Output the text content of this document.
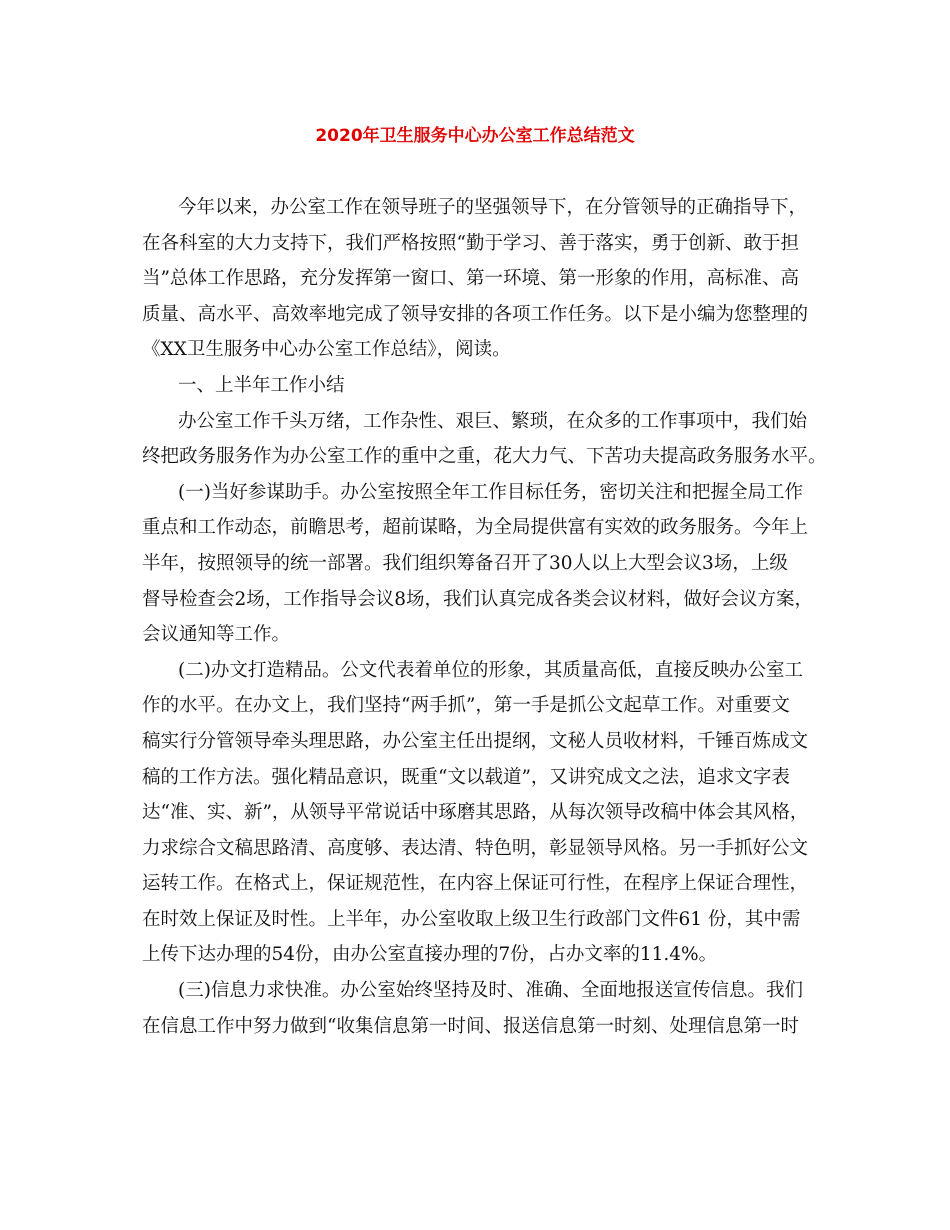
2020年卫生服务中心办公室工作总结范文
今年以来，办公室工作在领导班子的坚强领导下，在分管领导的正确指导下，
在各科室的大力支持下，我们严格按照“勤于学习、善于落实，勇于创新、敢于担
当”总体工作思路，充分发挥第一窗口、第一环境、第一形象的作用，高标准、高
质量、高水平、高效率地完成了领导安排的各项工作任务。以下是小编为您整理的
《XX卫生服务中心办公室工作总结》，阅读。
一、上半年工作小结
办公室工作千头万绪，工作杂性、艰巨、繁琐，在众多的工作事项中，我们始
终把政务服务作为办公室工作的重中之重，花大力气、下苦功夫提高政务服务水平。
(一)当好参谋助手。办公室按照全年工作目标任务，密切关注和把握全局工作
重点和工作动态，前瞻思考，超前谋略，为全局提供富有实效的政务服务。今年上
半年，按照领导的统一部署。我们组织筹备召开了30人以上大型会议3场，上级
督导检查会2场，工作指导会议8场，我们认真完成各类会议材料，做好会议方案，
会议通知等工作。
(二)办文打造精品。公文代表着单位的形象，其质量高低，直接反映办公室工
作的水平。在办文上，我们坚持“两手抓”，第一手是抓公文起草工作。对重要文
稿实行分管领导牵头理思路，办公室主任出提纲，文秘人员收材料，千锤百炼成文
稿的工作方法。强化精品意识，既重“文以载道”，又讲究成文之法，追求文字表
达“准、实、新”，从领导平常说话中琢磨其思路，从每次领导改稿中体会其风格，
力求综合文稿思路清、高度够、表达清、特色明，彰显领导风格。另一手抓好公文
运转工作。在格式上，保证规范性，在内容上保证可行性，在程序上保证合理性，
在时效上保证及时性。上半年，办公室收取上级卫生行政部门文件61 份，其中需
上传下达办理的54份，由办公室直接办理的7份，占办文率的11.4%。
(三)信息力求快准。办公室始终坚持及时、准确、全面地报送宣传信息。我们
在信息工作中努力做到“收集信息第一时间、报送信息第一时刻、处理信息第一时
